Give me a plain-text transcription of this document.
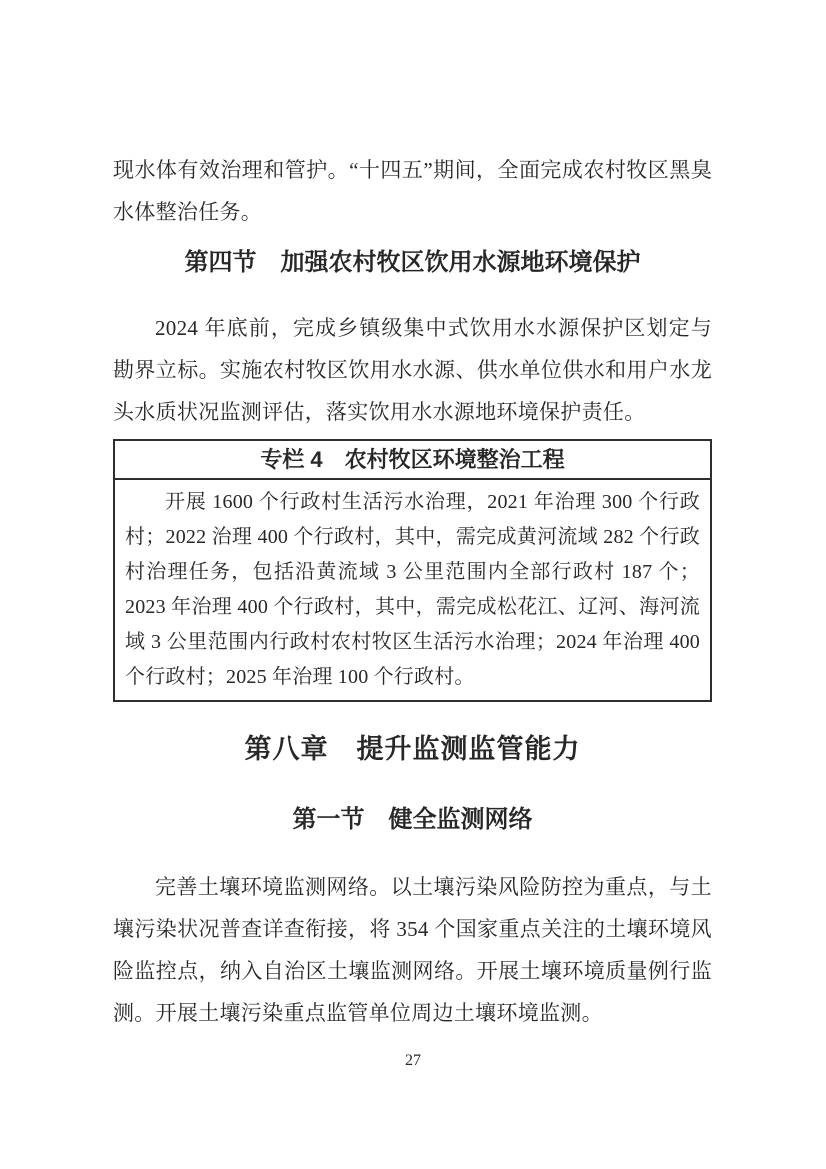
现水体有效治理和管护。“十四五”期间，全面完成农村牧区黑臭水体整治任务。

第四节　加强农村牧区饮用水源地环境保护

2024 年底前，完成乡镇级集中式饮用水水源保护区划定与勘界立标。实施农村牧区饮用水水源、供水单位供水和用户水龙头水质状况监测评估，落实饮用水水源地环境保护责任。

专栏 4　农村牧区环境整治工程

开展 1600 个行政村生活污水治理，2021 年治理 300 个行政村；2022 治理 400 个行政村，其中，需完成黄河流域 282 个行政村治理任务，包括沿黄流域 3 公里范围内全部行政村 187 个； 2023 年治理 400 个行政村，其中，需完成松花江、辽河、海河流域 3 公里范围内行政村农村牧区生活污水治理；2024 年治理 400 个行政村；2025 年治理 100 个行政村。

第八章　提升监测监管能力
第一节　健全监测网络

完善土壤环境监测网络。以土壤污染风险防控为重点，与土壤污染状况普查详查衔接，将 354 个国家重点关注的土壤环境风险监控点，纳入自治区土壤监测网络。开展土壤环境质量例行监测。开展土壤污染重点监管单位周边土壤环境监测。

27
